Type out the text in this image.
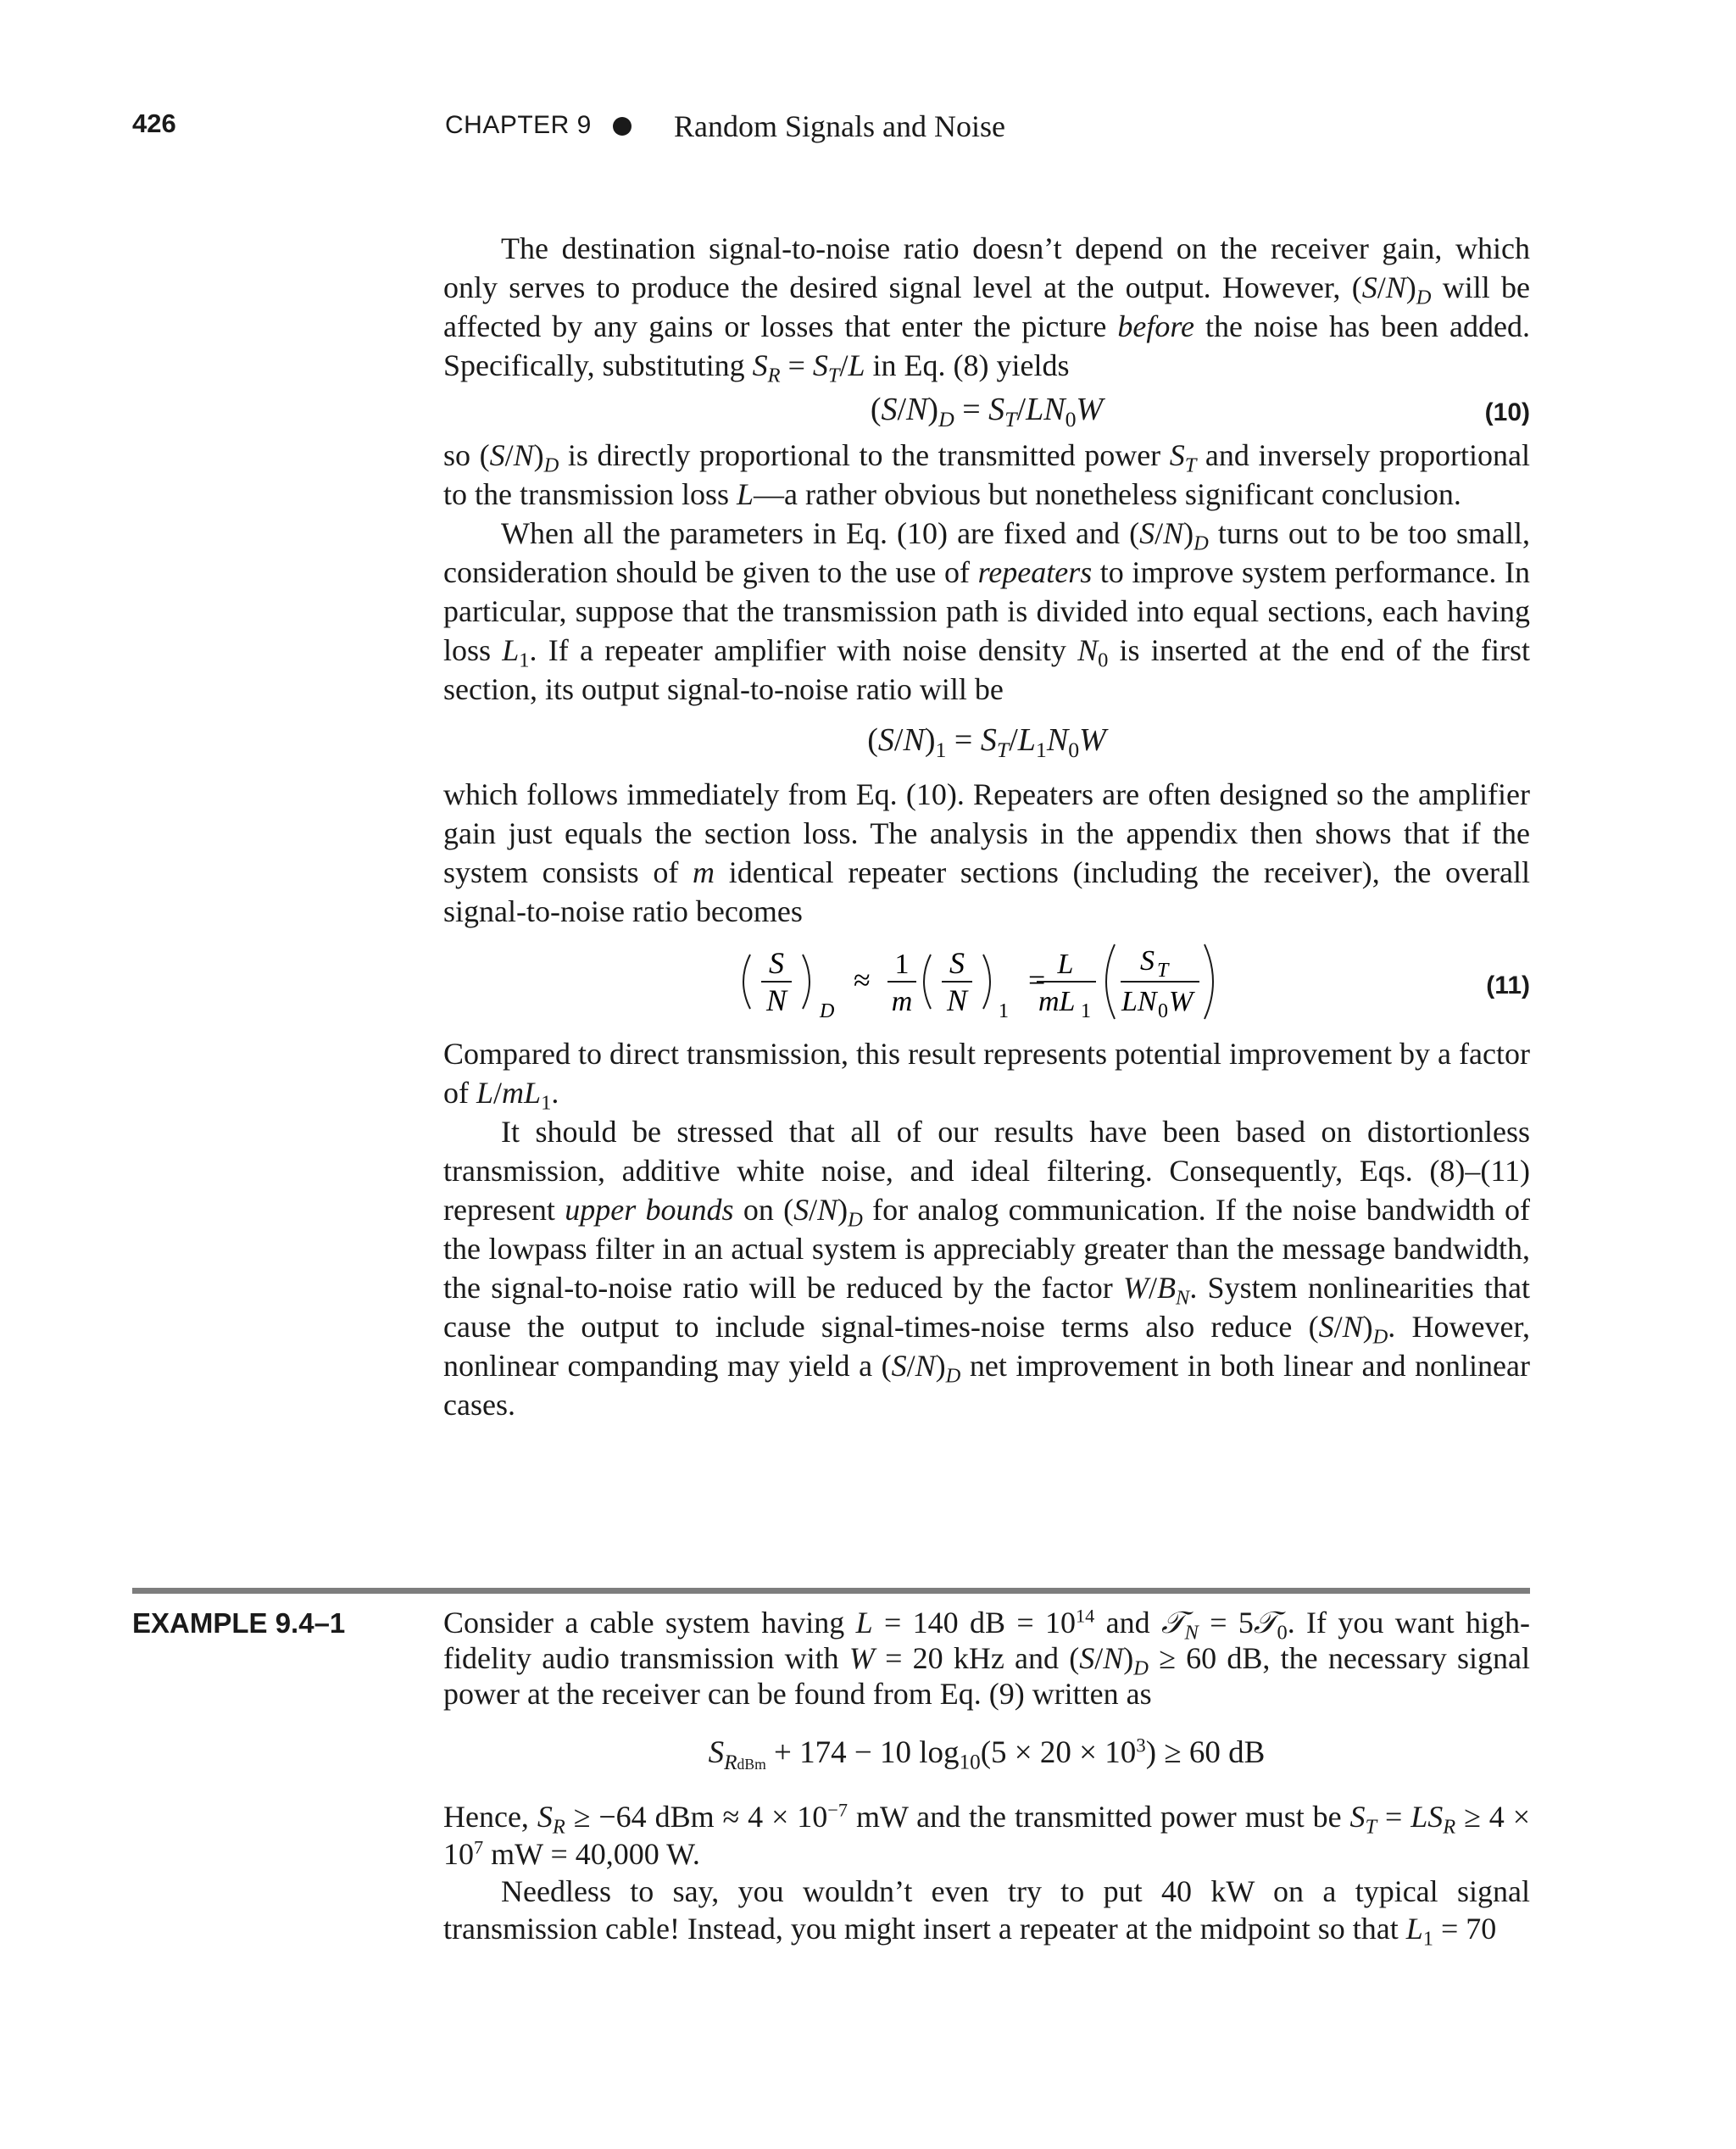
426	CHAPTER 9	Random Signals and Noise

The destination signal-to-noise ratio doesn’t depend on the receiver gain, which only serves to produce the desired signal level at the output. However, $(S/N)_D$ will be affected by any gains or losses that enter the picture before the noise has been added. Specifically, substituting $S_R = S_T/L$ in Eq. (8) yields

$(S/N)_D = S_T/LN_0W$	(10)

so $(S/N)_D$ is directly proportional to the transmitted power $S_T$ and inversely proportional to the transmission loss L—a rather obvious but nonetheless significant conclusion.

When all the parameters in Eq. (10) are fixed and $(S/N)_D$ turns out to be too small, consideration should be given to the use of repeaters to improve system performance. In particular, suppose that the transmission path is divided into equal sections, each having loss $L_1$. If a repeater amplifier with noise density $N_0$ is inserted at the end of the first section, its output signal-to-noise ratio will be

$(S/N)_1 = S_T/L_1N_0W$

which follows immediately from Eq. (10). Repeaters are often designed so the amplifier gain just equals the section loss. The analysis in the appendix then shows that if the system consists of m identical repeater sections (including the receiver), the overall signal-to-noise ratio becomes

S
N D
≈ 1
m
S
N 1
= L
mL 1
S T
LN 0 W
(11)

Compared to direct transmission, this result represents potential improvement by a factor of $L/mL_1$.

It should be stressed that all of our results have been based on distortionless transmission, additive white noise, and ideal filtering. Consequently, Eqs. (8)–(11) represent upper bounds on $(S/N)_D$ for analog communication. If the noise bandwidth of the lowpass filter in an actual system is appreciably greater than the message bandwidth, the signal-to-noise ratio will be reduced by the factor $W/B_N$. System nonlinearities that cause the output to include signal-times-noise terms also reduce $(S/N)_D$. However, nonlinear companding may yield a $(S/N)_D$ net improvement in both linear and nonlinear cases.

EXAMPLE 9.4–1	Consider a cable system having L = 140 dB = $10^{14}$ and 𝒯$_N$ = 5𝒯$_0$. If you want high-fidelity audio transmission with W = 20 kHz and $(S/N)_D \ge 60$ dB, the necessary signal power at the receiver can be found from Eq. (9) written as

$S_{RdBm} + 174 - 10$ $\log_{10}(5 \times 20 \times 10^3) \ge 60$ dB

Hence, $S_R \ge -64$ dBm ≈ $4 \times 10^{-7}$ mW and the transmitted power must be $S_T = LS_R \ge 4 \times 10^7$ mW = 40,000 W.

Needless to say, you wouldn’t even try to put 40 kW on a typical signal transmission cable! Instead, you might insert a repeater at the midpoint so that $L_1 = 70$
